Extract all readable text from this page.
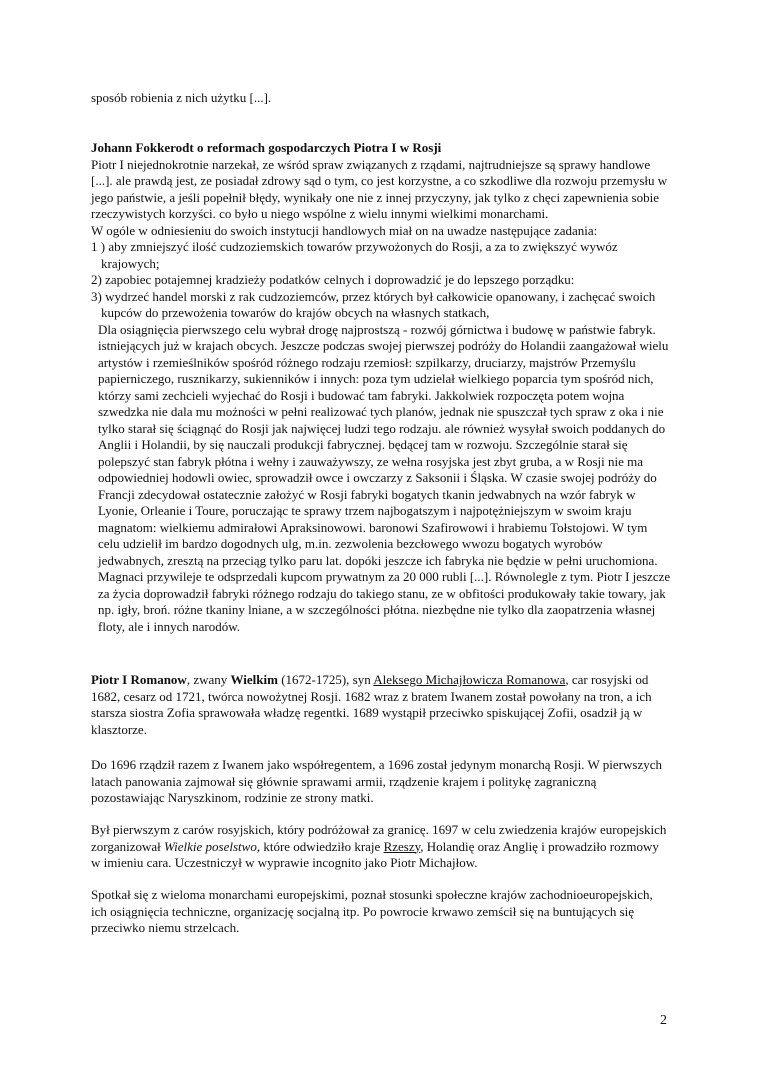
sposób robienia z nich użytku [...].

Johann Fokkerodt o reformach gospodarczych Piotra I w Rosji

Piotr I niejednokrotnie narzekał, ze wśród spraw związanych z rządami, najtrudniejsze są sprawy handlowe [...]. ale prawdą jest, ze posiadał zdrowy sąd o tym, co jest korzystne, a co szkodliwe dla rozwoju przemysłu w jego państwie, a jeśli popełnił błędy, wynikały one nie z innej przyczyny, jak tylko z chęci zapewnienia sobie rzeczywistych korzyści. co było u niego wspólne z wielu innymi wielkimi monarchami.

W ogóle w odniesieniu do swoich instytucji handlowych miał on na uwadze następujące zadania:

1 ) aby zmniejszyć ilość cudzoziemskich towarów przywożonych do Rosji, a za to zwiększyć wywóz krajowych;

2) zapobiec potajemnej kradzieży podatków celnych i doprowadzić je do lepszego porządku:

3) wydrzeć handel morski z rak cudzoziemców, przez których był całkowicie opanowany, i zachęcać swoich kupców do przewożenia towarów do krajów obcych na własnych statkach,

Dla osiągnięcia pierwszego celu wybrał drogę najprostszą - rozwój górnictwa i budowę w państwie fabryk. istniejących już w krajach obcych. Jeszcze podczas swojej pierwszej podróży do Holandii zaangażował wielu artystów i rzemieślników spośród różnego rodzaju rzemiosł: szpilkarzy, druciarzy, majstrów Przemyślu papierniczego, rusznikarzy, sukienników i innych: poza tym udzielał wielkiego poparcia tym spośród nich, którzy sami zechcieli wyjechać do Rosji i budować tam fabryki. Jakkolwiek rozpoczęta potem wojna szwedzka nie dala mu możności w pełni realizować tych planów, jednak nie spuszczał tych spraw z oka i nie tylko starał się ściągnąć do Rosji jak najwięcej ludzi tego rodzaju. ale również wysyłał swoich poddanych do Anglii i Holandii, by się nauczali produkcji fabrycznej. będącej tam w rozwoju. Szczególnie starał się polepszyć stan fabryk płótna i wełny i zauważywszy, ze wełna rosyjska jest zbyt gruba, a w Rosji nie ma odpowiedniej hodowli owiec, sprowadził owce i owczarzy z Saksonii i Śląska. W czasie swojej podróży do Francji zdecydował ostatecznie założyć w Rosji fabryki bogatych tkanin jedwabnych na wzór fabryk w Lyonie, Orleanie i Toure, poruczając te sprawy trzem najbogatszym i najpotężniejszym w swoim kraju magnatom: wielkiemu admirałowi Apraksinowowi. baronowi Szafirowowi i hrabiemu Tołstojowi. W tym celu udzielił im bardzo dogodnych ulg, m.in. zezwolenia bezcłowego wwozu bogatych wyrobów jedwabnych, zresztą na przeciąg tylko paru lat. dopóki jeszcze ich fabryka nie będzie w pełni uruchomiona. Magnaci przywileje te odsprzedali kupcom prywatnym za 20 000 rubli [...]. Równolegle z tym. Piotr I jeszcze za życia doprowadził fabryki różnego rodzaju do takiego stanu, ze w obfitości produkowały takie towary, jak np. igły, broń. różne tkaniny lniane, a w szczególności płótna. niezbędne nie tylko dla zaopatrzenia własnej floty, ale i innych narodów.

Piotr I Romanow, zwany Wielkim (1672-1725), syn Aleksego Michajłowicza Romanowa, car rosyjski od 1682, cesarz od 1721, twórca nowożytnej Rosji. 1682 wraz z bratem Iwanem został powołany na tron, a ich starsza siostra Zofia sprawowała władzę regentki. 1689 wystąpił przeciwko spiskującej Zofii, osadził ją w klasztorze.

Do 1696 rządził razem z Iwanem jako współregentem, a 1696 został jedynym monarchą Rosji. W pierwszych latach panowania zajmował się głównie sprawami armii, rządzenie krajem i politykę zagraniczną pozostawiając Naryszkinom, rodzinie ze strony matki.

Był pierwszym z carów rosyjskich, który podróżował za granicę. 1697 w celu zwiedzenia krajów europejskich zorganizował Wielkie poselstwo, które odwiedziło kraje Rzeszy, Holandię oraz Anglię i prowadziło rozmowy w imieniu cara. Uczestniczył w wyprawie incognito jako Piotr Michajłow.

Spotkał się z wieloma monarchami europejskimi, poznał stosunki społeczne krajów zachodnioeuropejskich, ich osiągnięcia techniczne, organizację socjalną itp. Po powrocie krwawo zemścił się na buntujących się przeciwko niemu strzelcach.

2
